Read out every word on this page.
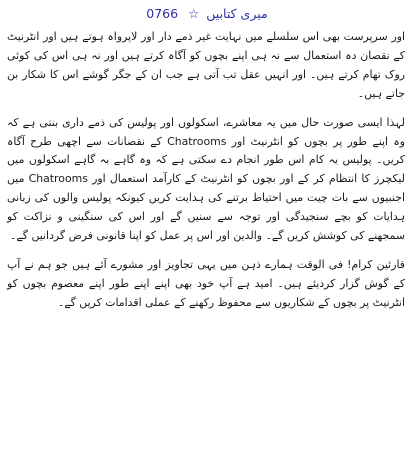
میری کتابیں ☆ 0766

اور سرپرست بھی اس سلسلے میں نہایت غیر ذمے دار اور لاپرواہ ہوتے ہیں اور انٹرنیٹ کے نقصان دہ استعمال سے نہ ہی اپنے بچوں کو آگاہ کرتے ہیں اور نہ ہی اس کی کوئی روک تھام کرتے ہیں۔ اور انہیں عقل تب آتی ہے جب ان کے جگر گوشے اس کا شکار بن جاتے ہیں۔

لہذا ایسی صورت حال میں یہ معاشرے، اسکولوں اور پولیس کی ذمے داری بنتی ہے کہ وہ اپنے طور پر بچوں کو انٹرنیٹ اور Chatrooms کے نقصانات سے اچھی طرح آگاہ کریں۔ پولیس یہ کام اس طور انجام دے سکتی ہے کہ وہ گاہے بہ گاہے اسکولوں میں لیکچرز کا انتظام کر کے اور بچوں کو انٹرنیٹ کے کارآمد استعمال اور Chatrooms میں اجنبیوں سے بات چیت میں احتیاط برتنے کی ہدایت کریں کیونکہ پولیس والوں کی زبانی ہدایات کو بچے سنجیدگی اور توجہ سے سنیں گے اور اس کی سنگینی و نزاکت کو سمجھنے کی کوشش کریں گے۔ والدین اور اس پر عمل کو اپنا قانونی فرض گردانیں گے۔

قارئین کرام! فی الوقت ہمارے ذہن میں یہی تجاویز اور مشورے آئے ہیں جو ہم نے آپ کے گوش گزار کردیئے ہیں۔ امید ہے آپ خود بھی اپنے اپنے طور اپنے معصوم بچوں کو انٹرنیٹ پر بچوں کے شکاریوں سے محفوظ رکھنے کے عملی اقدامات کریں گے۔
